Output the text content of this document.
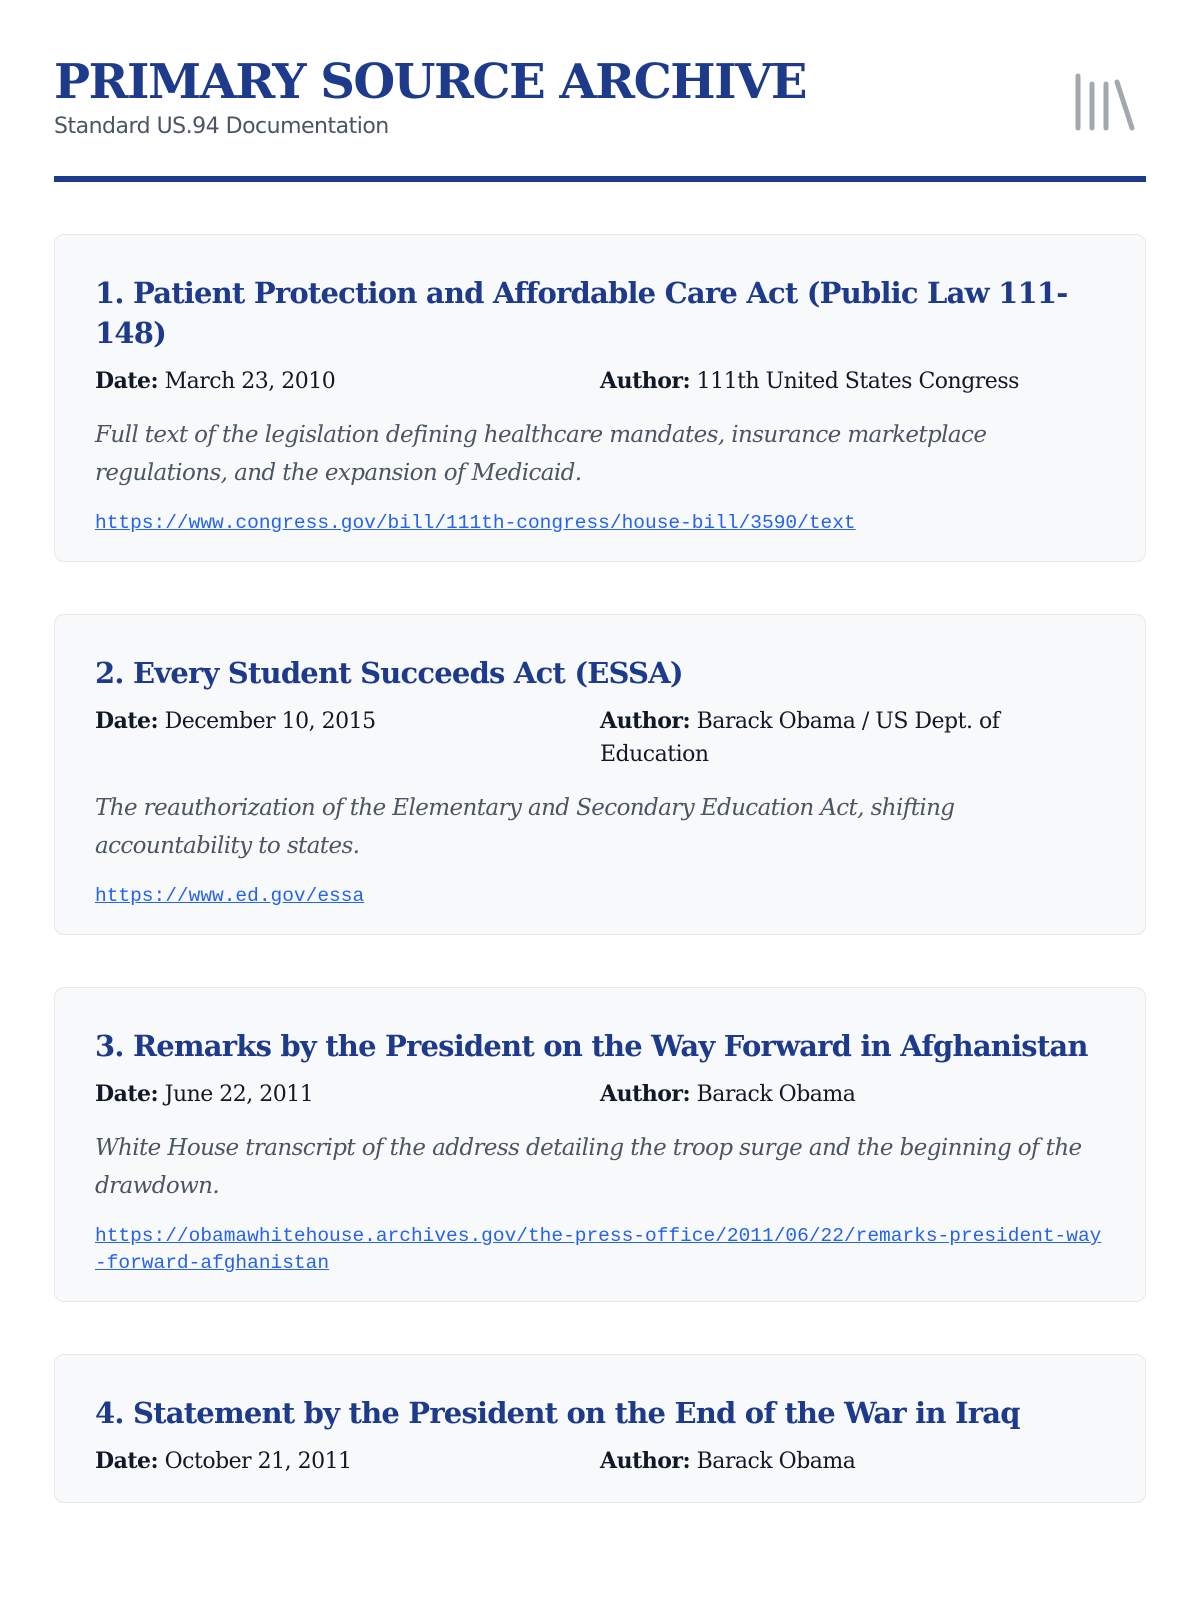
PRIMARY SOURCE ARCHIVE
Standard US.94 Documentation
1. Patient Protection and Affordable Care Act (Public Law 111-148)
Date: March 23, 2010	Author: 111th United States Congress
Full text of the legislation defining healthcare mandates, insurance marketplace regulations, and the expansion of Medicaid.
https://www.congress.gov/bill/111th-congress/house-bill/3590/text
2. Every Student Succeeds Act (ESSA)
Date: December 10, 2015	Author: Barack Obama / US Dept. of Education
The reauthorization of the Elementary and Secondary Education Act, shifting accountability to states.
https://www.ed.gov/essa
3. Remarks by the President on the Way Forward in Afghanistan
Date: June 22, 2011	Author: Barack Obama
White House transcript of the address detailing the troop surge and the beginning of the drawdown.
https://obamawhitehouse.archives.gov/the-press-office/2011/06/22/remarks-president-way-forward-afghanistan
4. Statement by the President on the End of the War in Iraq
Date: October 21, 2011	Author: Barack Obama
